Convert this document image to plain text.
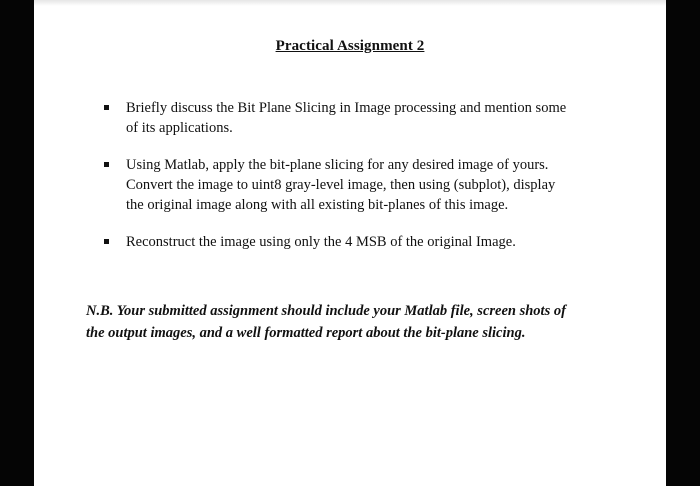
Practical Assignment 2
Briefly discuss the Bit Plane Slicing in Image processing and mention some
of its applications.
Using Matlab, apply the bit-plane slicing for any desired image of yours.
Convert the image to uint8 gray-level image, then using (subplot), display
the original image along with all existing bit-planes of this image.
Reconstruct the image using only the 4 MSB of the original Image.
N.B. Your submitted assignment should include your Matlab file, screen shots of
the output images, and a well formatted report about the bit-plane slicing.
